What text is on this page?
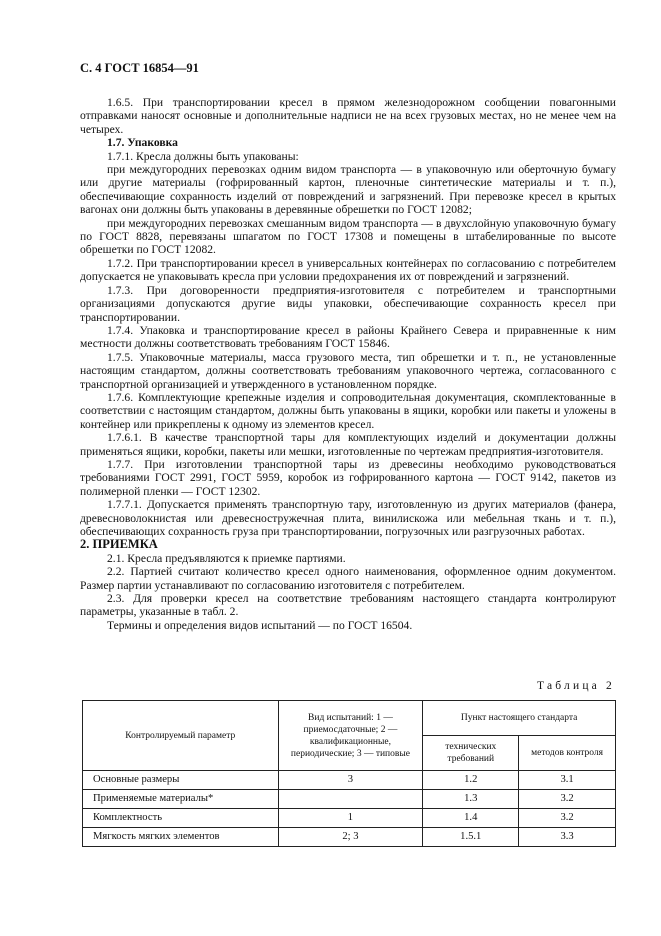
С. 4 ГОСТ 16854—91

1.6.5. При транспортировании кресел в прямом железнодорожном сообщении повагонными отправками наносят основные и дополнительные надписи не на всех грузовых местах, но не менее чем на четырех.

1.7. Упаковка

1.7.1. Кресла должны быть упакованы:

при междугородних перевозках одним видом транспорта — в упаковочную или оберточную бумагу или другие материалы (гофрированный картон, пленочные синтетические материалы и т. п.), обеспечивающие сохранность изделий от повреждений и загрязнений. При перевозке кресел в крытых вагонах они должны быть упакованы в деревянные обрешетки по ГОСТ 12082;

при междугородних перевозках смешанным видом транспорта — в двухслойную упаковочную бумагу по ГОСТ 8828, перевязаны шпагатом по ГОСТ 17308 и помещены в штабелированные по высоте обрешетки по ГОСТ 12082.

1.7.2. При транспортировании кресел в универсальных контейнерах по согласованию с потребителем допускается не упаковывать кресла при условии предохранения их от повреждений и загрязнений.

1.7.3. При договоренности предприятия-изготовителя с потребителем и транспортными организациями допускаются другие виды упаковки, обеспечивающие сохранность кресел при транспортировании.

1.7.4. Упаковка и транспортирование кресел в районы Крайнего Севера и приравненные к ним местности должны соответствовать требованиям ГОСТ 15846.

1.7.5. Упаковочные материалы, масса грузового места, тип обрешетки и т. п., не установленные настоящим стандартом, должны соответствовать требованиям упаковочного чертежа, согласованного с транспортной организацией и утвержденного в установленном порядке.

1.7.6. Комплектующие крепежные изделия и сопроводительная документация, скомплектованные в соответствии с настоящим стандартом, должны быть упакованы в ящики, коробки или пакеты и уложены в контейнер или прикреплены к одному из элементов кресел.

1.7.6.1. В качестве транспортной тары для комплектующих изделий и документации должны применяться ящики, коробки, пакеты или мешки, изготовленные по чертежам предприятия-изготовителя.

1.7.7. При изготовлении транспортной тары из древесины необходимо руководствоваться требованиями ГОСТ 2991, ГОСТ 5959, коробок из гофрированного картона — ГОСТ 9142, пакетов из полимерной пленки — ГОСТ 12302.

1.7.7.1. Допускается применять транспортную тару, изготовленную из других материалов (фанера, древесноволокнистая или древесностружечная плита, винилискожа или мебельная ткань и т. п.), обеспечивающих сохранность груза при транспортировании, погрузочных или разгрузочных работах.

2. ПРИЕМКА

2.1. Кресла предъявляются к приемке партиями.

2.2. Партией считают количество кресел одного наименования, оформленное одним документом. Размер партии устанавливают по согласованию изготовителя с потребителем.

2.3. Для проверки кресел на соответствие требованиям настоящего стандарта контролируют параметры, указанные в табл. 2.

Термины и определения видов испытаний — по ГОСТ 16504.

Таблица 2
Контролируемый параметр	Вид испытаний: 1 — приемосдаточные; 2 — квалификационные, периодические; 3 — типовые	Пункт настоящего стандарта	
		технических требований	методов контроля
Основные размеры	3	1.2	3.1
Применяемые материалы*		1.3	3.2
Комплектность	1	1.4	3.2
Мягкость мягких элементов	2; 3	1.5.1	3.3
